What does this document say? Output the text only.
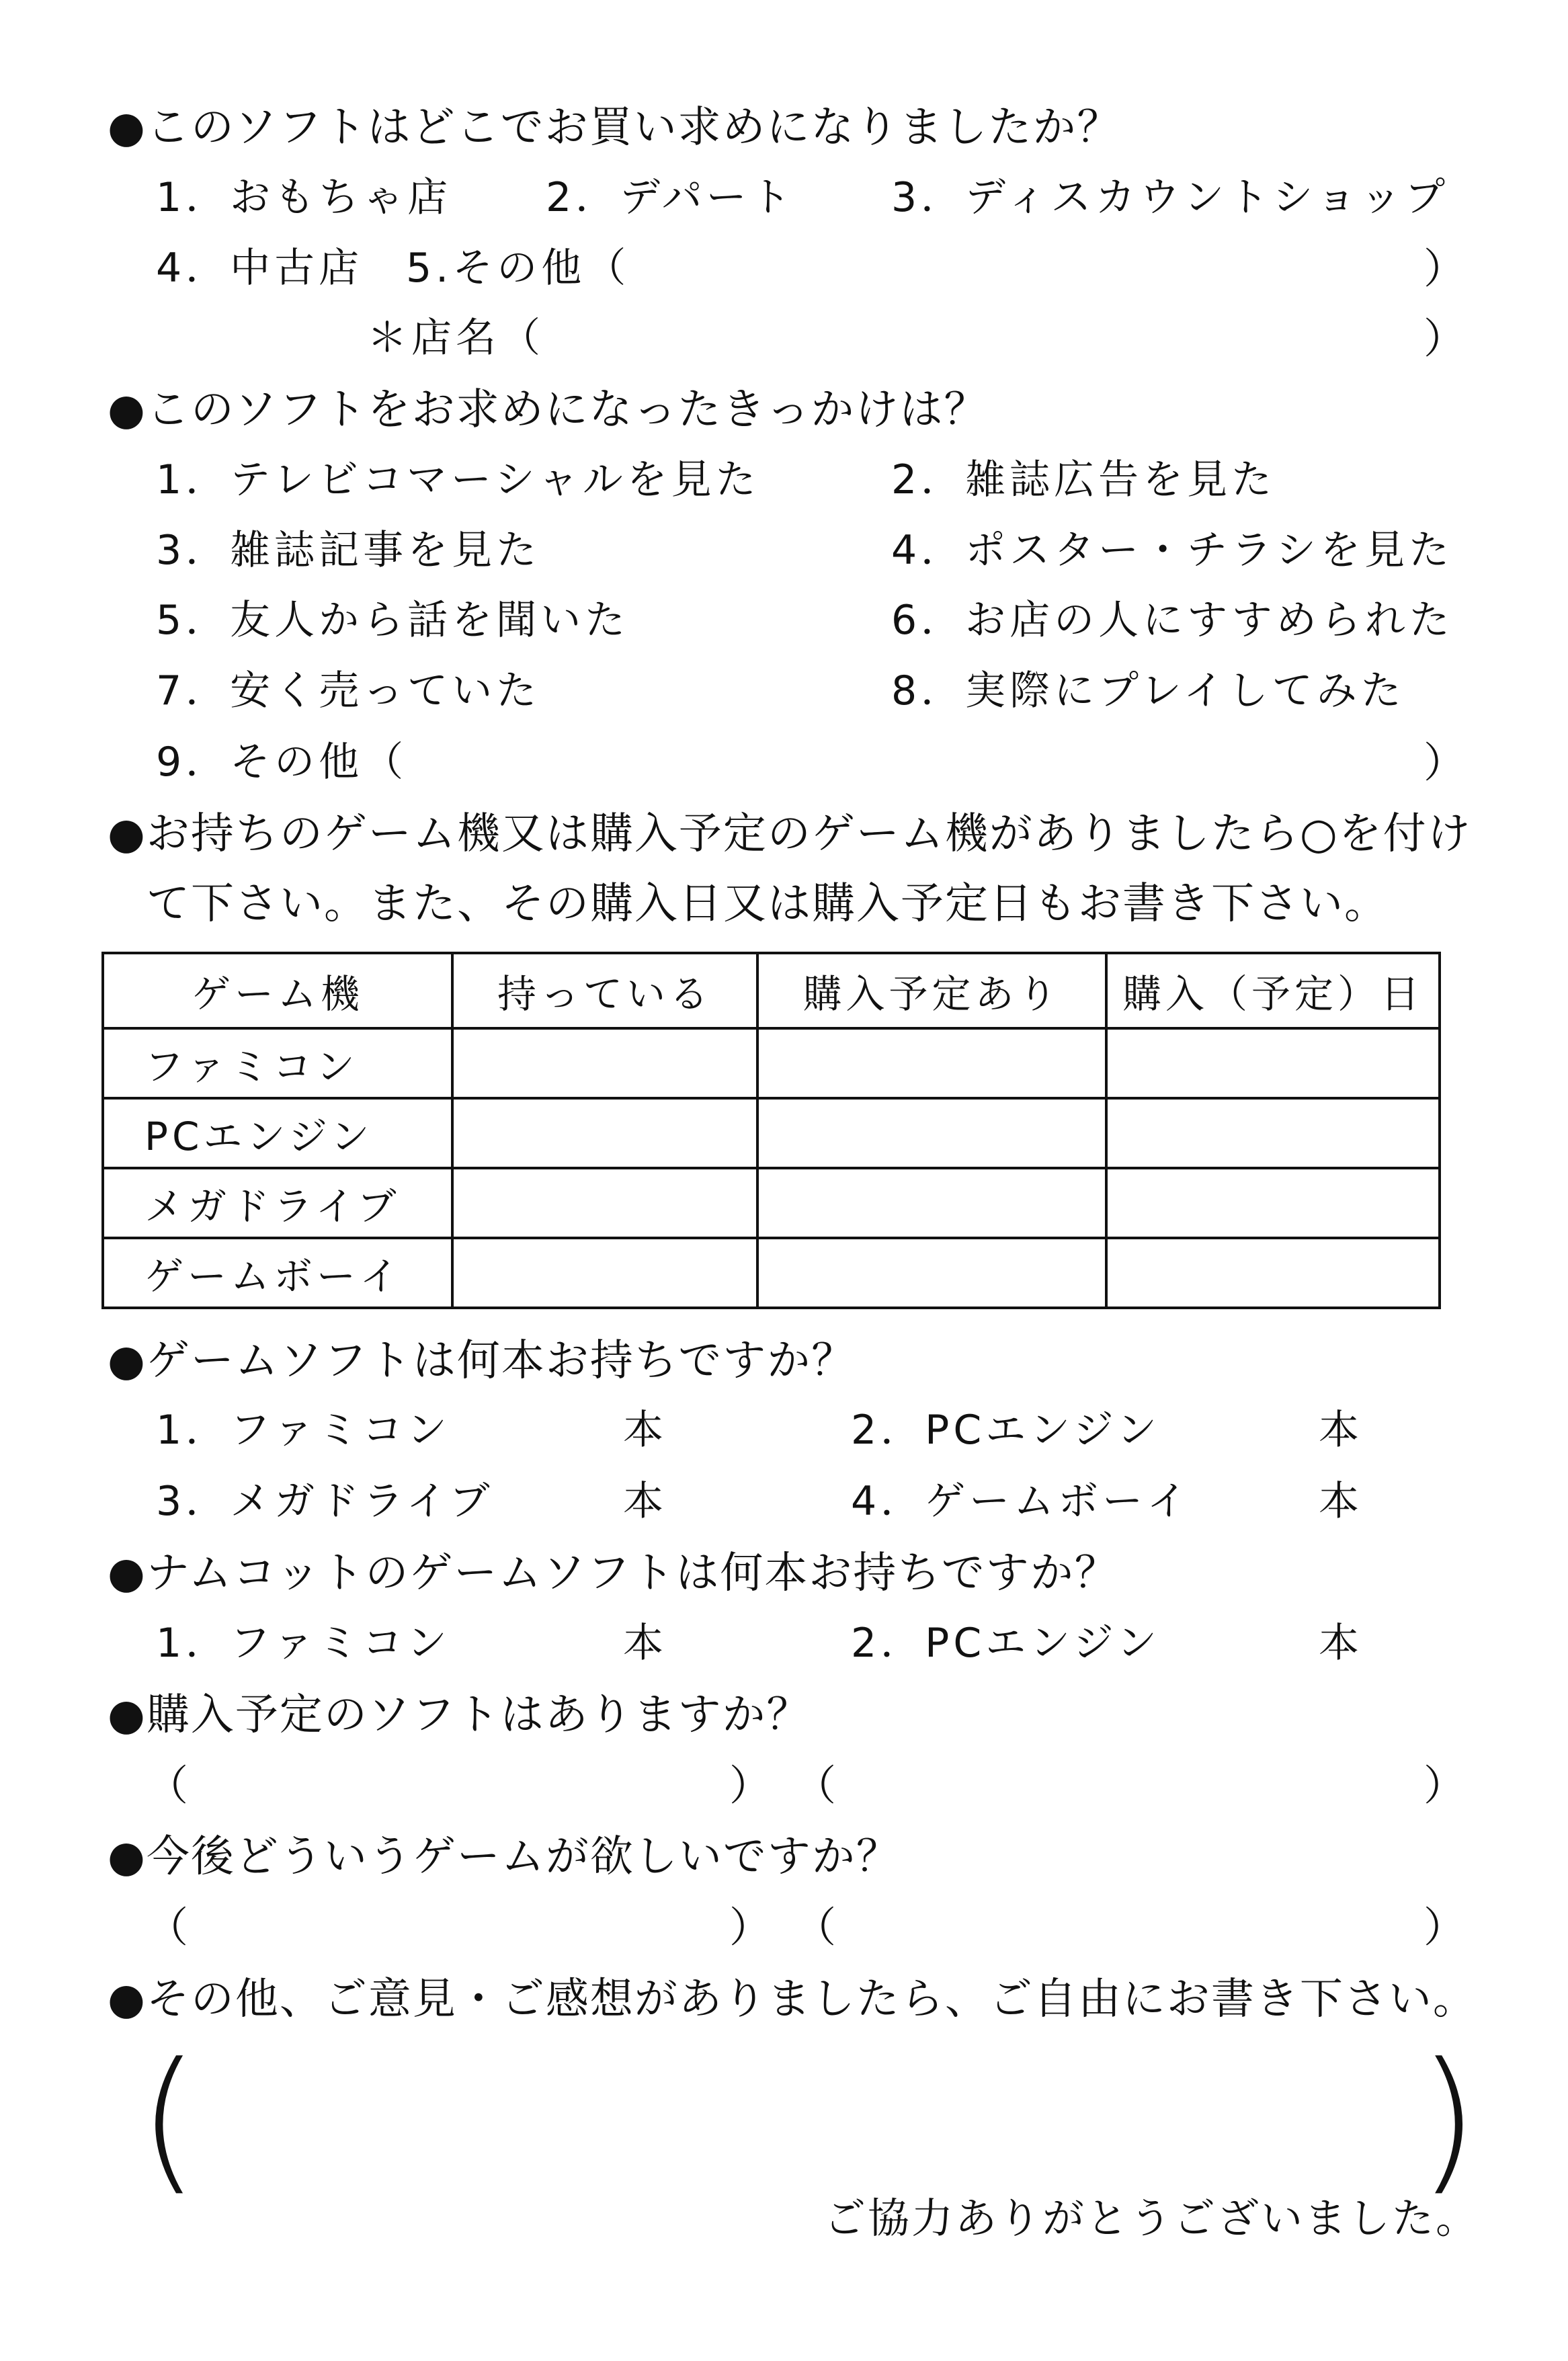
●このソフトはどこでお買い求めになりましたか？
1．おもちゃ店 2．デパート 3．ディスカウントショップ
4．中古店 5.その他（	）
＊店名（	）
●このソフトをお求めになったきっかけは？
1．テレビコマーシャルを見た	2．雑誌広告を見た
3．雑誌記事を見た	4．ポスター・チラシを見た
5．友人から話を聞いた	6．お店の人にすすめられた
7．安く売っていた	8．実際にプレイしてみた
9．その他（	）
●お持ちのゲーム機又は購入予定のゲーム機がありましたら○を付け
て下さい。また、その購入日又は購入予定日もお書き下さい。
ゲーム機	持っている	購入予定あり	購入（予定）日
ファミコン			
PCエンジン			
メガドライブ			
ゲームボーイ			
●ゲームソフトは何本お持ちですか？
1．ファミコン	本	2．PCエンジン	本
3．メガドライブ	本	4．ゲームボーイ	本
●ナムコットのゲームソフトは何本お持ちですか？
1．ファミコン	本	2．PCエンジン	本
●購入予定のソフトはありますか？
（	） （	）
●今後どういうゲームが欲しいですか？
（	） （	）
●その他、ご意見・ご感想がありましたら、ご自由にお書き下さい。
(	)
ご協力ありがとうございました。
